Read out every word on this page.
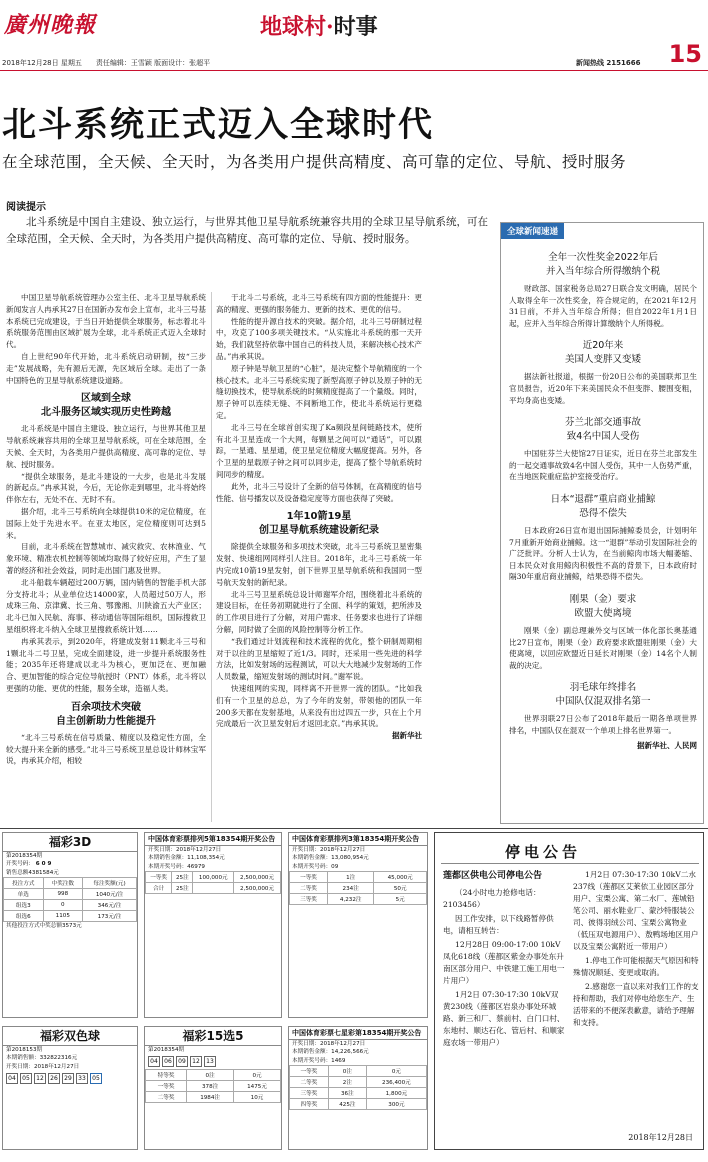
廣州晚報	地球村·时事
15
2018年12月28日 星期五　　责任编辑：王雪颖 版面设计：张超平	新闻热线 2151666
北斗系统正式迈入全球时代
在全球范围，全天候、全天时，为各类用户提供高精度、高可靠的定位、导航、授时服务
阅读提示
北斗系统是中国自主建设、独立运行，与世界其他卫星导航系统兼容共用的全球卫星导航系统，可在全球范围，全天候、全天时，为各类用户提供高精度、高可靠的定位、导航、授时服务。

中国卫星导航系统管理办公室主任、北斗卫星导航系统新闻发言人冉承其27日在国新办发布会上宣布，北斗三号基本系统已完成建设，于当日开始提供全球服务，标志着北斗系统服务范围由区域扩展为全球，北斗系统正式迈入全球时代。

自上世纪90年代开始，北斗系统启动研制，按“三步走”发展战略，先有源后无源，先区域后全球。走出了一条中国特色的卫星导航系统建设道路。

区域到全球
北斗服务区域实现历史性跨越

北斗系统是中国自主建设、独立运行，与世界其他卫星导航系统兼容共用的全球卫星导航系统，可在全球范围，全天候、全天时，为各类用户提供高精度、高可靠的定位、导航、授时服务。

“提供全球服务，是北斗建设的一大步，也是北斗发展的新起点。”冉承其说，今后，无论你走到哪里，北斗将始终伴你左右，无处不在、无时不有。

据介绍，北斗三号系统向全球提供10米的定位精度，在国际上处于先进水平。在亚太地区，定位精度则可达到5米。

目前，北斗系统在智慧城市、减灾救灾、农林渔业、气象环境、精准农机控制等领域均取得了较好应用，产生了显著的经济和社会效益，同时走出国门惠及世界。

北斗船载车辆超过200万辆，国内销售的智能手机大部分支持北斗；从业单位达14000家，人员超过50万人，形成珠三角、京津冀、长三角、鄂豫湘、川陕渝五大产业区；北斗已加入民航、海事、移动通信等国际组织，国际搜救卫星组织将北斗纳入全球卫星搜救系统计划……

冉承其表示，到2020年，将建成发射11颗北斗三号和1颗北斗二号卫星，完成全面建设，进一步提升系统服务性能；2035年还将建成以北斗为核心，更加泛在、更加融合、更加智能的综合定位导航授时（PNT）体系，北斗将以更强的功能、更优的性能，服务全球，造福人类。

百余项技术突破
自主创新助力性能提升

“北斗三号系统在信号质量、精度以及稳定性方面，全较大提升来全新的感受。”北斗三号系统卫星总设计师林宝军说，冉承其介绍，相较

于北斗二号系统，北斗三号系统有四方面的性能提升：更高的精度、更强的服务能力、更新的技术、更优的信号。

性能的提升源自技术的突破。据介绍，北斗三号研制过程中，攻克了100多项关键技术。“从实施北斗系统的那一天开始，我们就坚持依靠中国自己的科技人员，来解决核心技术产品。”冉承其说。

原子钟是导航卫星的“心脏”，是决定整个导航精度的一个核心技术。北斗三号系统实现了新型高原子钟以及原子钟的无缝切换技术，使导航系统的时频精度提高了一个量级。同时，原子钟可以连续无缝、不间断地工作，使北斗系统运行更稳定。

北斗三号在全球首创实现了Ka频段星间链路技术，使所有北斗卫星连成一个大网，每颗星之间可以“通话”，可以跟踪，一星通、星星通，使卫星定位精度大幅度提高。另外，各个卫星的星载原子钟之间可以同步走，提高了整个导航系统时间同步的精度。

此外，北斗三号设计了全新的信号体制，在高精度的信号性能、信号播发以及设备稳定度等方面也获得了突破。

1年10箭19星
创卫星导航系统建设新纪录

除提供全球服务和多项技术突破，北斗三号系统卫星密集发射、快速组网同样引人注目。2018年，北斗三号系统一年内完成10箭19星发射，创下世界卫星导航系统和我国同一型号航天发射的新纪录。

北斗三号卫星系统总设计师谢军介绍，围绕着北斗系统的建设目标，在任务初期就进行了全面、科学的策划，把所涉及的工作项目进行了分解，对用户需求、任务要求也进行了详细分解，同时做了全面的风险控制等分析工作。

“我们通过计划流程和技术流程的优化，整个研制周期相对于以往的卫星缩短了近1/3。同时，还采用一些先进的科学方法，比如发射场的远程测试，可以大大地减少发射场的工作人员数量，缩短发射场的测试时间。”谢军说。

快速组网的实现，同样离不开世界一流的团队。“比如我们有一个卫星的总总，为了今年的发射，带领他的团队一年200多天都在发射基地，从来没有出过四五一步，只在上个月完成最后一次卫星发射后才返回北京。”冉承其说。

据新华社
全球新闻速递
全年一次性奖金2022年后
并入当年综合所得缴纳个税

财政部、国家税务总局27日联合发文明确，居民个人取得全年一次性奖金，符合规定的，在2021年12月31日前，不并入当年综合所得；但自2022年1月1日起，应并入当年综合所得计算缴纳个人所得税。

近20年来
美国人变胖又变矮

据法新社报道，根据一份20日公布的美国联邦卫生官员报告，近20年下来美国民众不但变胖、腰围变粗，平均身高也变矮。

芬兰北部交通事故
致4名中国人受伤

中国驻芬兰大使馆27日证实，近日在芬兰北部发生的一起交通事故致4名中国人受伤，其中一人伤势严重，在当地医院重症监护室接受治疗。

日本“退群”重启商业捕鲸
恐得不偿失

日本政府26日宣布退出国际捕鲸委员会，计划明年7月重新开始商业捕鲸。这一“退群”举动引发国际社会的广泛批评。分析人士认为，在当前鲸肉市场大幅萎缩、日本民众对食用鲸肉积极性不高的背景下，日本政府时隔30年重启商业捕鲸，结果恐得不偿失。

刚果（金）要求
欧盟大使离境

刚果（金）副总理兼外交与区域一体化部长奥基通比27日宣布，刚果（金）政府要求欧盟驻刚果（金）大使离境，以回应欧盟近日延长对刚果（金）14名个人制裁的决定。

羽毛球年终排名
中国队仅混双排名第一

世界羽联27日公布了2018年最后一期各单项世界排名，中国队仅在混双一个单项上排名世界第一。

据新华社、人民网
福彩3D
第2018354期
开奖号码： 6 0 9
销售总额4381584元
投注方式	中奖注数	每注奖额(元)
单选	998	1040元/注
组选3	0	346元/注
组选6	1105	173元/注
其他投注方式中奖总额3573元
福彩双色球
第2018153期
本期销售额：332822316元
开奖日期：2018年12月27日
04	05	12	26	29	33	05
中国体育彩票排列5第18354期开奖公告
开奖日期：2018年12月27日
本期销售金额：11,108,354元
本期开奖号码：46979
一等奖	25注	100,000元	2,500,000元
合计	25注		2,500,000元
中国体育彩票排列3第18354期开奖公告
开奖日期：2018年12月27日
本期销售金额：13,080,954元
本期开奖号码：09
一等奖	1注	45,000元
二等奖	234注	50元
三等奖	4,232注	5元
福彩15选5
第2018354期
04	06	09	12	13
特等奖	0注	0元
一等奖	378注	1475元
二等奖	1984注	10元
中国体育彩票七星彩第18354期开奖公告
开奖日期：2018年12月27日
本期销售金额：14,226,566元
本期开奖号码：1469
一等奖	0注	0元
二等奖	2注	236,400元
三等奖	36注	1,800元
四等奖	425注	300元
停电公告
莲都区供电公司停电公告

（24小时电力抢修电话：2103456）

因工作安排，以下线路暂停供电，请相互转告：

12月28日 09:00-17:00 10kV凤化618线（莲都区紫金办事处东升南区部分用户、中铁建工施工用电一片用户）

1月2日 07:30-17:30 10kV双黄230线（莲都区岩泉办事处环城路、新三和厂、蔡前村、白门口村、东地村、顺达石化、管后村、和顺家庭农场一带用户）

1月2日 07:30-17:30 10kV二水237线（莲都区艾莱依工业园区部分用户、宝栗公寓、第二水厂、莲城铅笔公司、丽水鞋业厂、蒙沙特服装公司、彼得羽绒公司、宝栗公寓物业（低压双电源用户）、敖鸭场地区用户以及宝栗公寓附近一带用户）

1.停电工作可能根据天气原因和特殊情况顺延、变更或取消。

2.感谢您一直以来对我们工作的支持和帮助，我们对停电给您生产、生活带来的不便深表歉意，请给予理解和支持。

2018年12月28日
